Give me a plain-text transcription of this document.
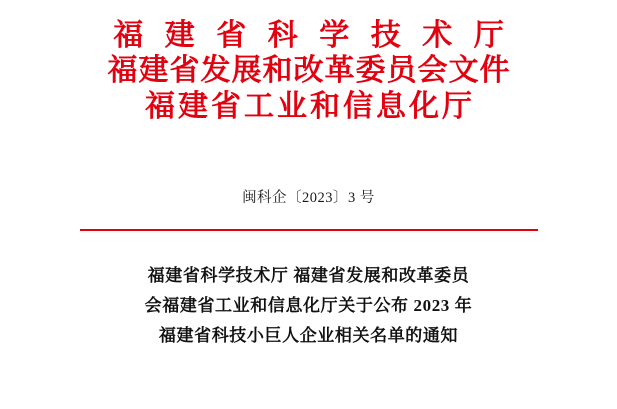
福 建 省 科 学 技 术 厅
福建省发展和改革委员会文件
福建省工业和信息化厅
闽科企〔2023〕3 号
福建省科学技术厅 福建省发展和改革委员
会福建省工业和信息化厅关于公布 2023 年
福建省科技小巨人企业相关名单的通知
